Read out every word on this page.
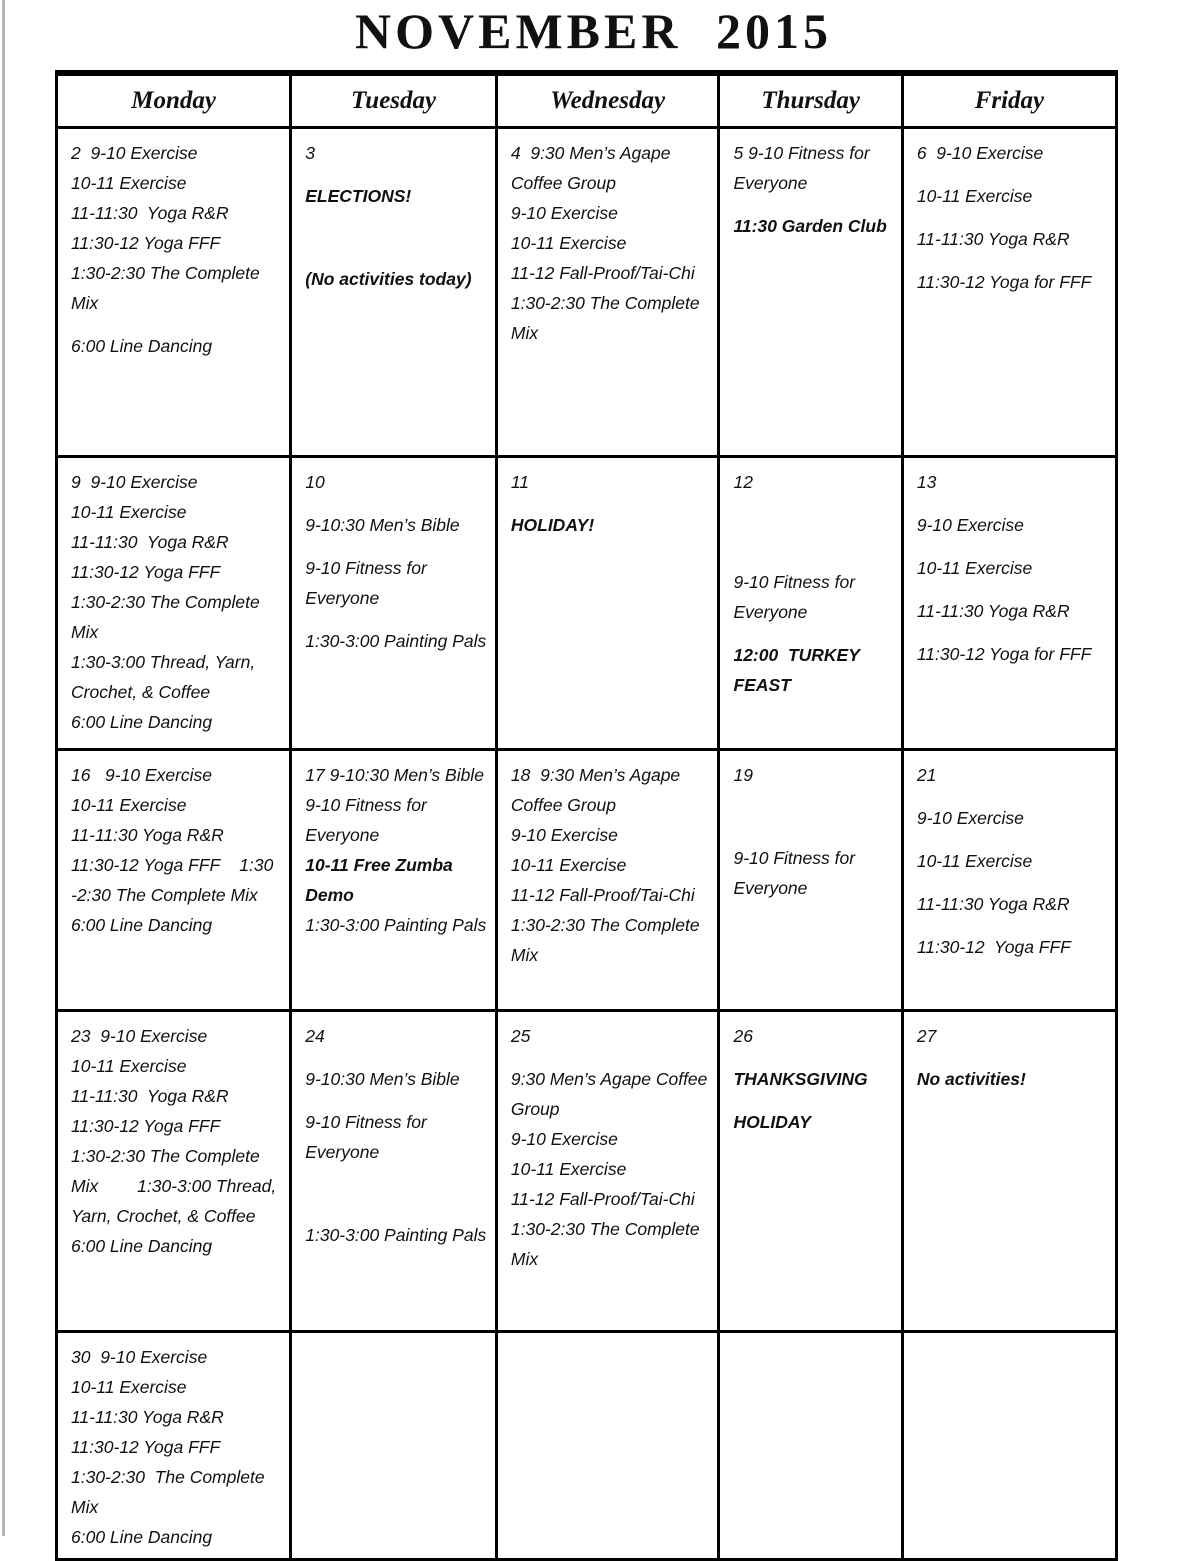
NOVEMBER 2015
Monday	Tuesday	Wednesday	Thursday	Friday

2  9-10 Exercise
10-11 Exercise
11-11:30  Yoga R&R
11:30-12 Yoga FFF
1:30-2:30 The Complete Mix
6:00 Line Dancing

3
ELECTIONS!
(No activities today)

4  9:30 Men’s Agape Coffee Group
9-10 Exercise
10-11 Exercise
11-12 Fall-Proof/Tai-Chi
1:30-2:30 The Complete Mix

5 9-10 Fitness for Everyone
11:30 Garden Club

6  9-10 Exercise
10-11 Exercise
11-11:30 Yoga R&R
11:30-12 Yoga for FFF

9  9-10 Exercise
10-11 Exercise
11-11:30  Yoga R&R
11:30-12 Yoga FFF
1:30-2:30 The Complete Mix
1:30-3:00 Thread, Yarn, Crochet, & Coffee
6:00 Line Dancing

10
9-10:30 Men’s Bible
9-10 Fitness for Everyone
1:30-3:00 Painting Pals

11
HOLIDAY!

12
9-10 Fitness for Everyone
12:00  TURKEY FEAST

13
9-10 Exercise
10-11 Exercise
11-11:30 Yoga R&R
11:30-12 Yoga for FFF

16   9-10 Exercise
10-11 Exercise
11-11:30 Yoga R&R
11:30-12 Yoga FFF    1:30 -2:30 The Complete Mix
6:00 Line Dancing

17 9-10:30 Men’s Bible
9-10 Fitness for Everyone
10-11 Free Zumba Demo
1:30-3:00 Painting Pals

18  9:30 Men’s Agape Coffee Group
9-10 Exercise
10-11 Exercise
11-12 Fall-Proof/Tai-Chi
1:30-2:30 The Complete Mix

19
9-10 Fitness for Everyone

21
9-10 Exercise
10-11 Exercise
11-11:30 Yoga R&R
11:30-12  Yoga FFF

23  9-10 Exercise
10-11 Exercise
11-11:30  Yoga R&R
11:30-12 Yoga FFF
1:30-2:30 The Complete Mix        1:30-3:00 Thread, Yarn, Crochet, & Coffee        6:00 Line Dancing

24
9-10:30 Men’s Bible
9-10 Fitness for Everyone
1:30-3:00 Painting Pals

25
9:30 Men’s Agape Coffee Group
9-10 Exercise
10-11 Exercise
11-12 Fall-Proof/Tai-Chi
1:30-2:30 The Complete Mix

26
THANKSGIVING
HOLIDAY

27
No activities!

30  9-10 Exercise
10-11 Exercise
11-11:30 Yoga R&R
11:30-12 Yoga FFF
1:30-2:30  The Complete Mix
6:00 Line Dancing
